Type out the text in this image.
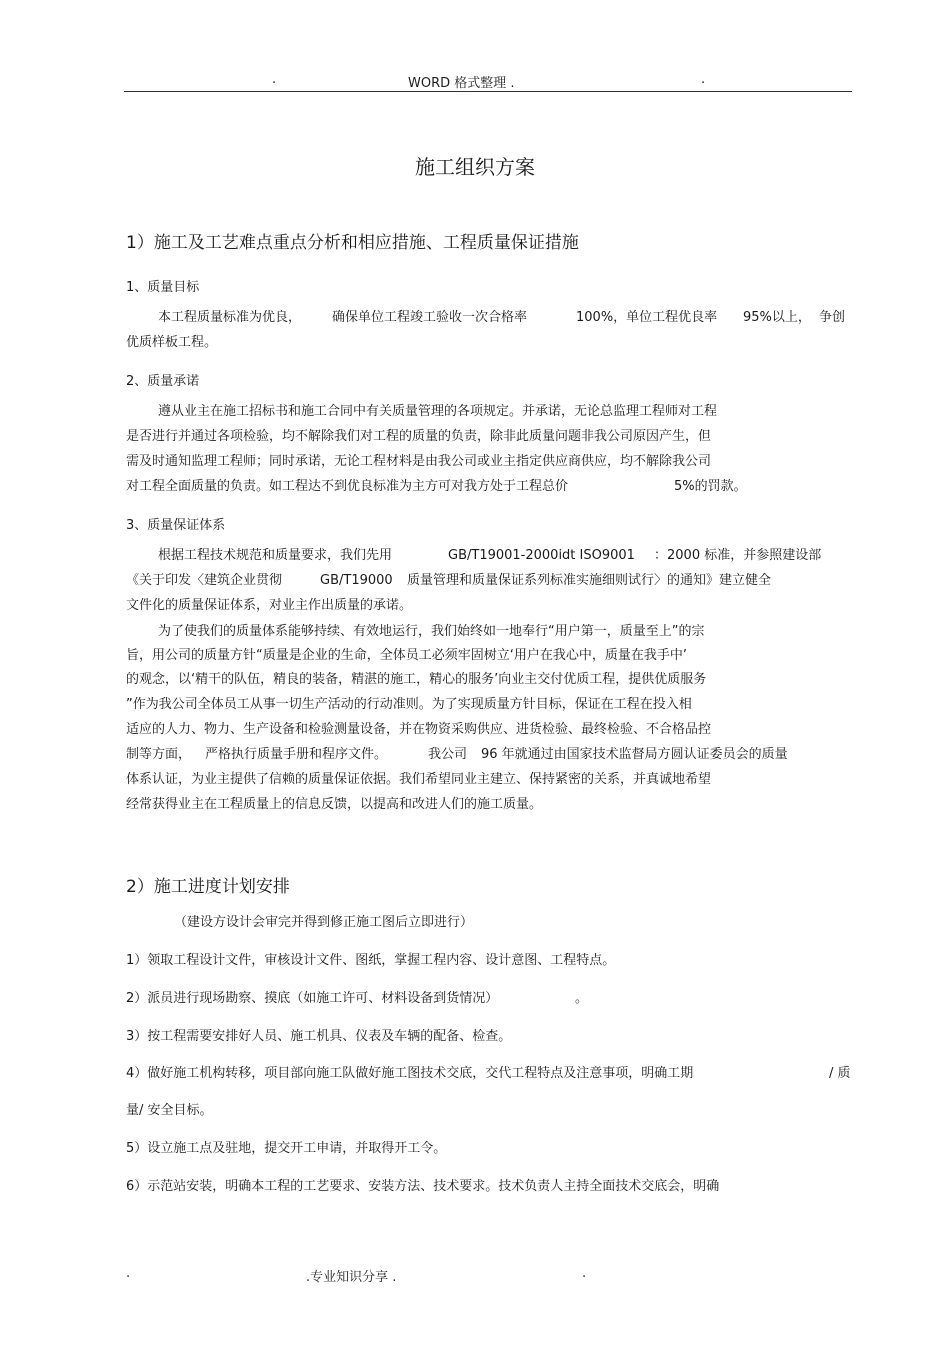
.	WORD 格式整理 .	.
施工组织方案
1）施工及工艺难点重点分析和相应措施、工程质量保证措施
1、质量目标
本工程质量标准为优良， 确保单位工程竣工验收一次合格率	100%，单位工程优良率 95%以上， 争创
优质样板工程。
2、质量承诺
遵从业主在施工招标书和施工合同中有关质量管理的各项规定。并承诺，无论总监理工程师对工程
是否进行并通过各项检验，均不解除我们对工程的质量的负责，除非此质量问题非我公司原因产生，但
需及时通知监理工程师；同时承诺，无论工程材料是由我公司或业主指定供应商供应，均不解除我公司
对工程全面质量的负责。如工程达不到优良标准为主方可对我方处于工程总价	5%的罚款。
3、质量保证体系
根据工程技术规范和质量要求，我们先用	GB/T19001-2000idt ISO9001 ：2000 标准，并参照建设部
《关于印发〈建筑企业贯彻	GB/T19000 质量管理和质量保证系列标准实施细则试行〉的通知》建立健全
文件化的质量保证体系，对业主作出质量的承诺。
为了使我们的质量体系能够持续、有效地运行，我们始终如一地奉行“用户第一，质量至上”的宗
旨，用公司的质量方针“质量是企业的生命，全体员工必须牢固树立‘用户在我心中，质量在我手中’
的观念，以‘精干的队伍，精良的装备，精湛的施工，精心的服务’向业主交付优质工程，提供优质服务
”作为我公司全体员工从事一切生产活动的行动准则。为了实现质量方针目标，保证在工程在投入相
适应的人力、物力、生产设备和检验测量设备，并在物资采购供应、进货检验、最终检验、不合格品控
制等方面， 严格执行质量手册和程序文件。	我公司 96 年就通过由国家技术监督局方圆认证委员会的质量
体系认证，为业主提供了信赖的质量保证依据。我们希望同业主建立、保持紧密的关系，并真诚地希望
经常获得业主在工程质量上的信息反馈，以提高和改进人们的施工质量。
2）施工进度计划安排
（建设方设计会审完并得到修正施工图后立即进行）
1）领取工程设计文件，审核设计文件、图纸，掌握工程内容、设计意图、工程特点。
2）派员进行现场勘察、摸底（如施工许可、材料设备到货情况）	。
3）按工程需要安排好人员、施工机具、仪表及车辆的配备、检查。
4）做好施工机构转移，项目部向施工队做好施工图技术交底，交代工程特点及注意事项，明确工期	/ 质
量/ 安全目标。
5）设立施工点及驻地，提交开工申请，并取得开工令。
6）示范站安装，明确本工程的工艺要求、安装方法、技术要求。技术负责人主持全面技术交底会，明确
.	.专业知识分享 .	.
